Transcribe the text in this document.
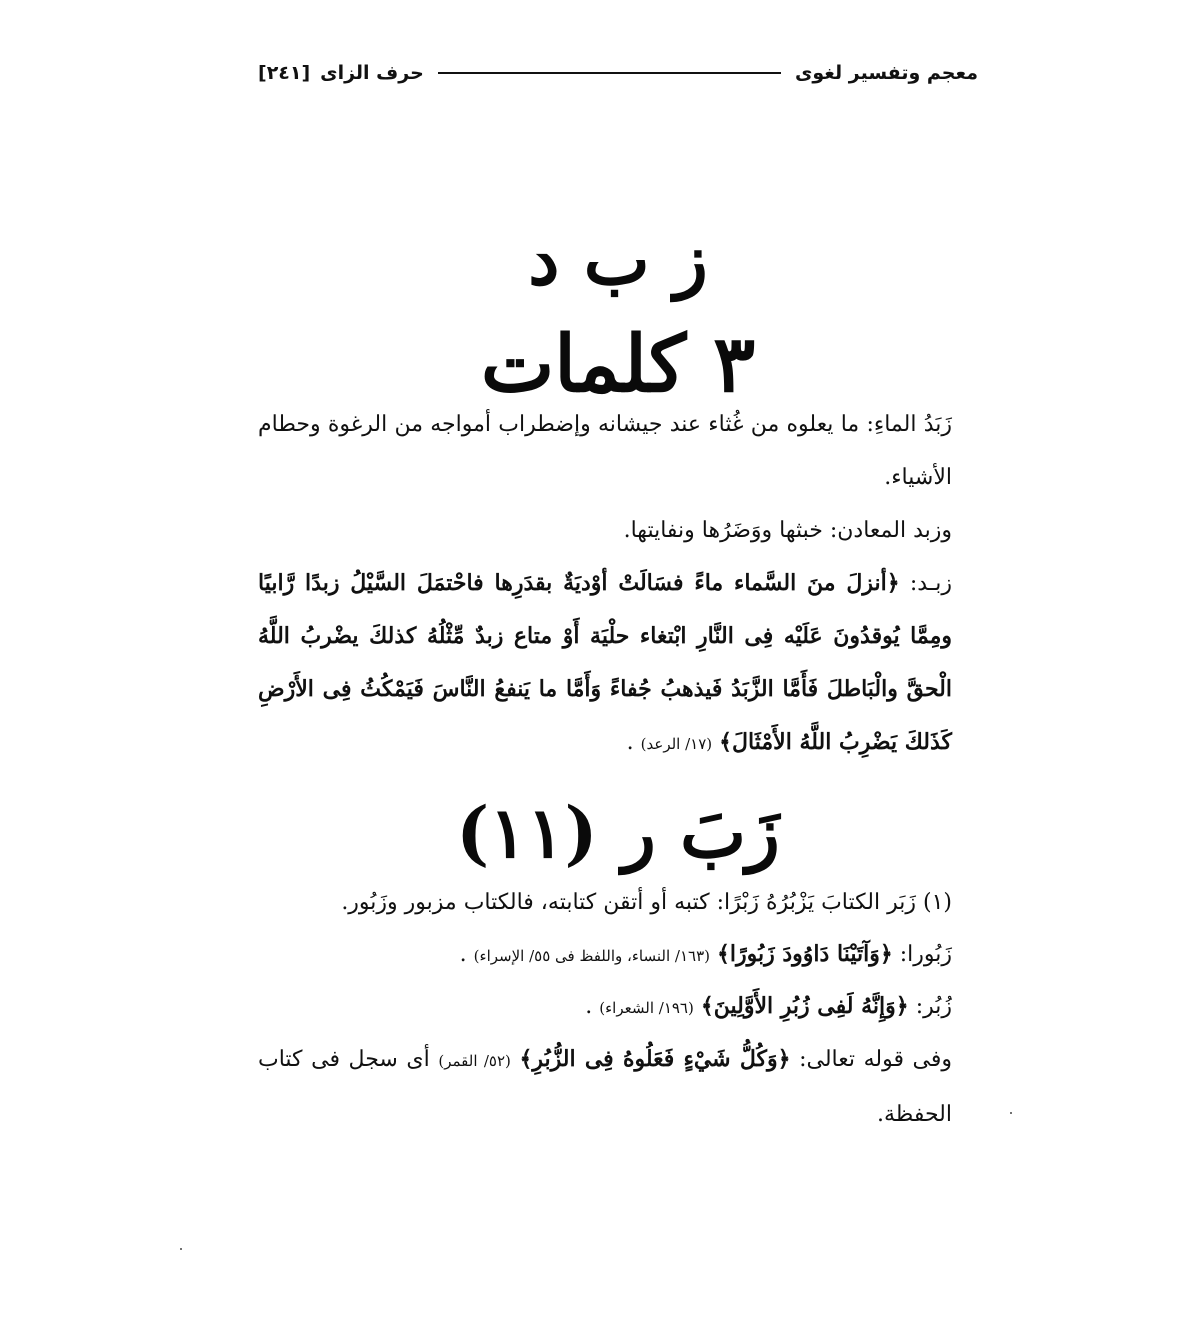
معجم وتفسير لغوى
حرف الزاى
[٢٤١]
ز ب د
٣ كلمات

زَبَدُ الماءِ: ما يعلوه من غُثاء عند جيشانه وإضطراب أمواجه من الرغوة وحطام الأشياء.

وزبد المعادن: خبثها ووَضَرُها ونفايتها.

زبـد: ﴿أنزلَ منَ السَّماء ماءً فسَالَتْ أوْديَةٌ بقدَرِها فاحْتمَلَ السَّيْلُ زبدًا رَّابيًا ومِمَّا يُوقدُونَ عَلَيْه فِى النَّارِ ابْتغاء حلْيَة أَوْ متاع زبدٌ مِّثْلُهُ كذلكَ يضْربُ اللَّهُ الْحقَّ والْبَاطلَ فَأَمَّا الزَّبَدُ فَيذهبُ جُفاءً وَأَمَّا ما يَنفعُ النَّاسَ فَيَمْكُثُ فِى الأَرْضِ كَذَلكَ يَضْرِبُ اللَّهُ الأَمْثَالَ﴾ (١٧/ الرعد) .

زَبَ ر (١١)

(١) زَبَر الكتابَ يَزْبُرُهُ زَبْرًا: كتبه أو أتقن كتابته، فالكتاب مزبور وزَبُور.

زَبُورا: ﴿وَآتَيْنَا دَاوُودَ زَبُورًا﴾ (١٦٣/ النساء، واللفظ فى ٥٥/ الإسراء) .

زُبُر: ﴿وَإِنَّهُ لَفِى زُبُرِ الأَوَّلِينَ﴾ (١٩٦/ الشعراء) .

وفى قوله تعالى: ﴿وَكُلُّ شَيْءٍ فَعَلُوهُ فِى الزُّبُرِ﴾ (٥٢/ القمر) أى سجل فى كتاب الحفظة.
